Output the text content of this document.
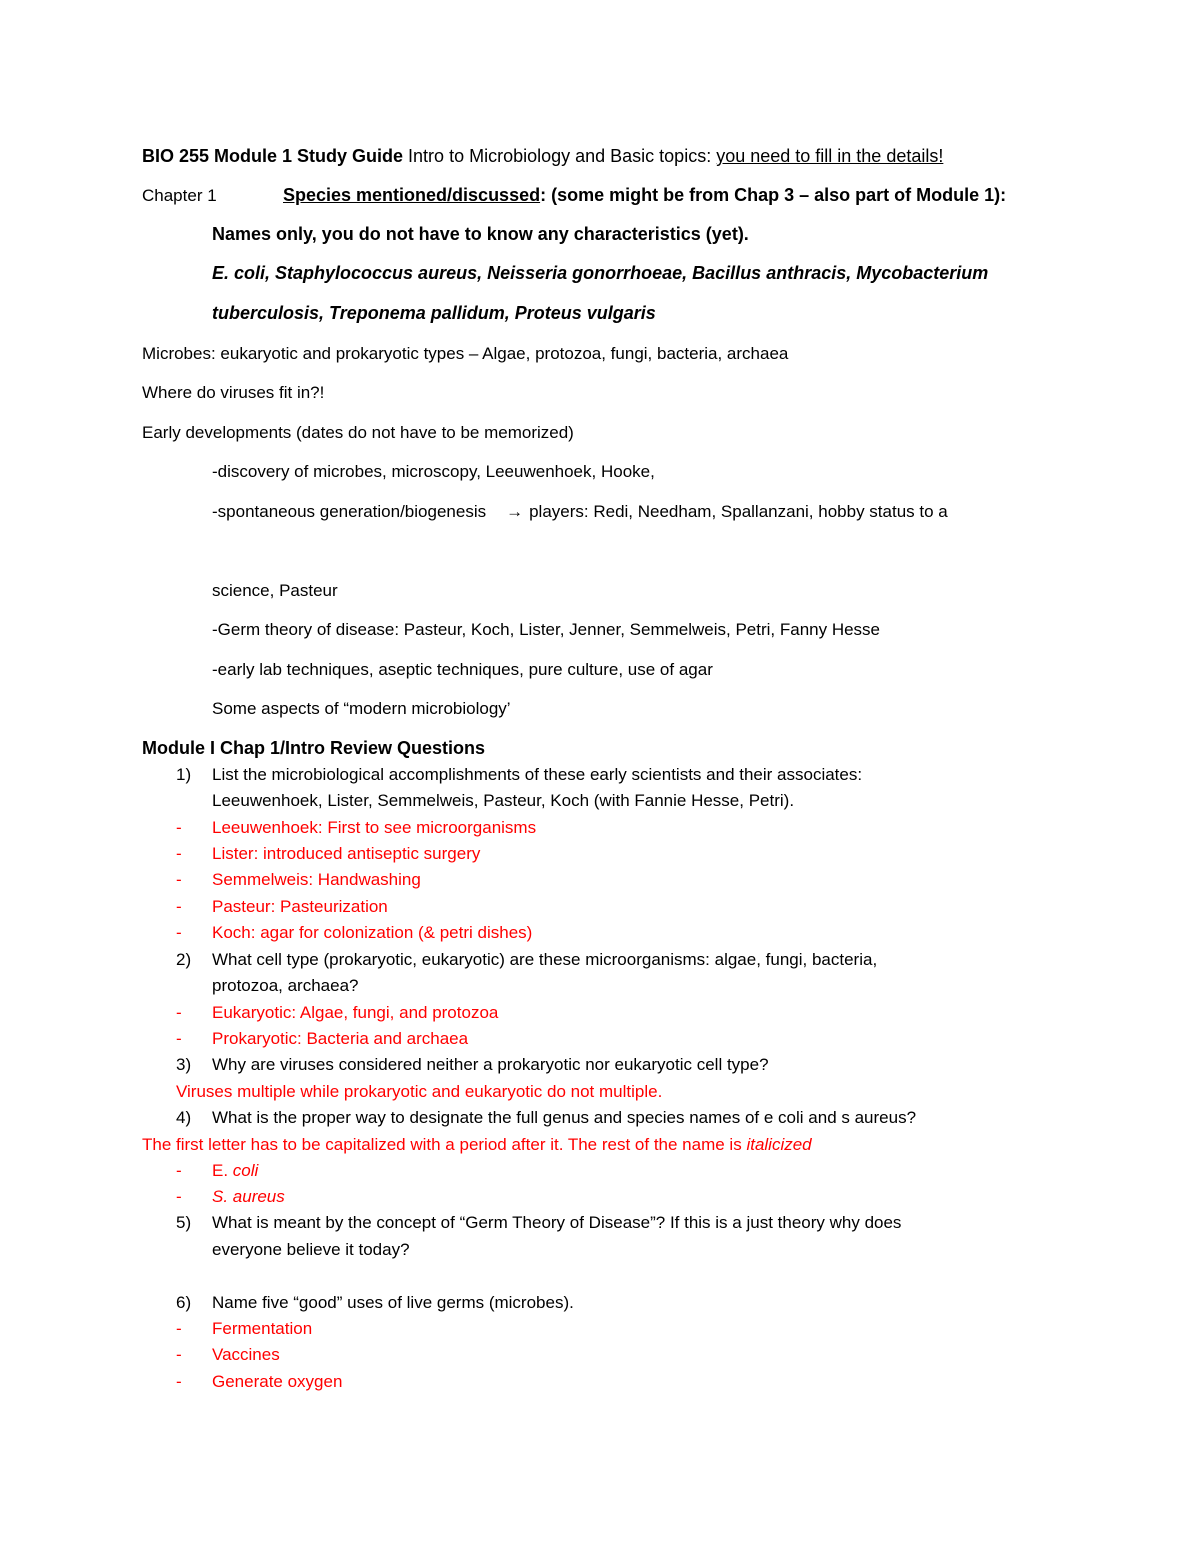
BIO 255 Module 1 Study Guide Intro to Microbiology and Basic topics: you need to fill in the details!
Chapter 1	Species mentioned/discussed: (some might be from Chap 3 – also part of Module 1):
Names only, you do not have to know any characteristics (yet).
E. coli, Staphylococcus aureus, Neisseria gonorrhoeae, Bacillus anthracis, Mycobacterium
tuberculosis, Treponema pallidum, Proteus vulgaris
Microbes: eukaryotic and prokaryotic types – Algae, protozoa, fungi, bacteria, archaea
Where do viruses fit in?!
Early developments (dates do not have to be memorized)
-discovery of microbes, microscopy, Leeuwenhoek, Hooke,
-spontaneous generation/biogenesis → players: Redi, Needham, Spallanzani, hobby status to a
science, Pasteur
-Germ theory of disease: Pasteur, Koch, Lister, Jenner, Semmelweis, Petri, Fanny Hesse
-early lab techniques, aseptic techniques, pure culture, use of agar
Some aspects of “modern microbiology’
Module I Chap 1/Intro Review Questions
1)	List the microbiological accomplishments of these early scientists and their associates:
Leeuwenhoek, Lister, Semmelweis, Pasteur, Koch (with Fannie Hesse, Petri).
- Leeuwenhoek: First to see microorganisms
- Lister: introduced antiseptic surgery
- Semmelweis: Handwashing
- Pasteur: Pasteurization
- Koch: agar for colonization (& petri dishes)
2)	What cell type (prokaryotic, eukaryotic) are these microorganisms: algae, fungi, bacteria,
protozoa, archaea?
- Eukaryotic: Algae, fungi, and protozoa
- Prokaryotic: Bacteria and archaea
3)	Why are viruses considered neither a prokaryotic nor eukaryotic cell type?
Viruses multiple while prokaryotic and eukaryotic do not multiple.
4)	What is the proper way to designate the full genus and species names of e coli and s aureus?
The first letter has to be capitalized with a period after it. The rest of the name is italicized
- E. coli
- S. aureus
5)	What is meant by the concept of “Germ Theory of Disease”? If this is a just theory why does
everyone believe it today?
6)	Name five “good” uses of live germs (microbes).
- Fermentation
- Vaccines
- Generate oxygen
